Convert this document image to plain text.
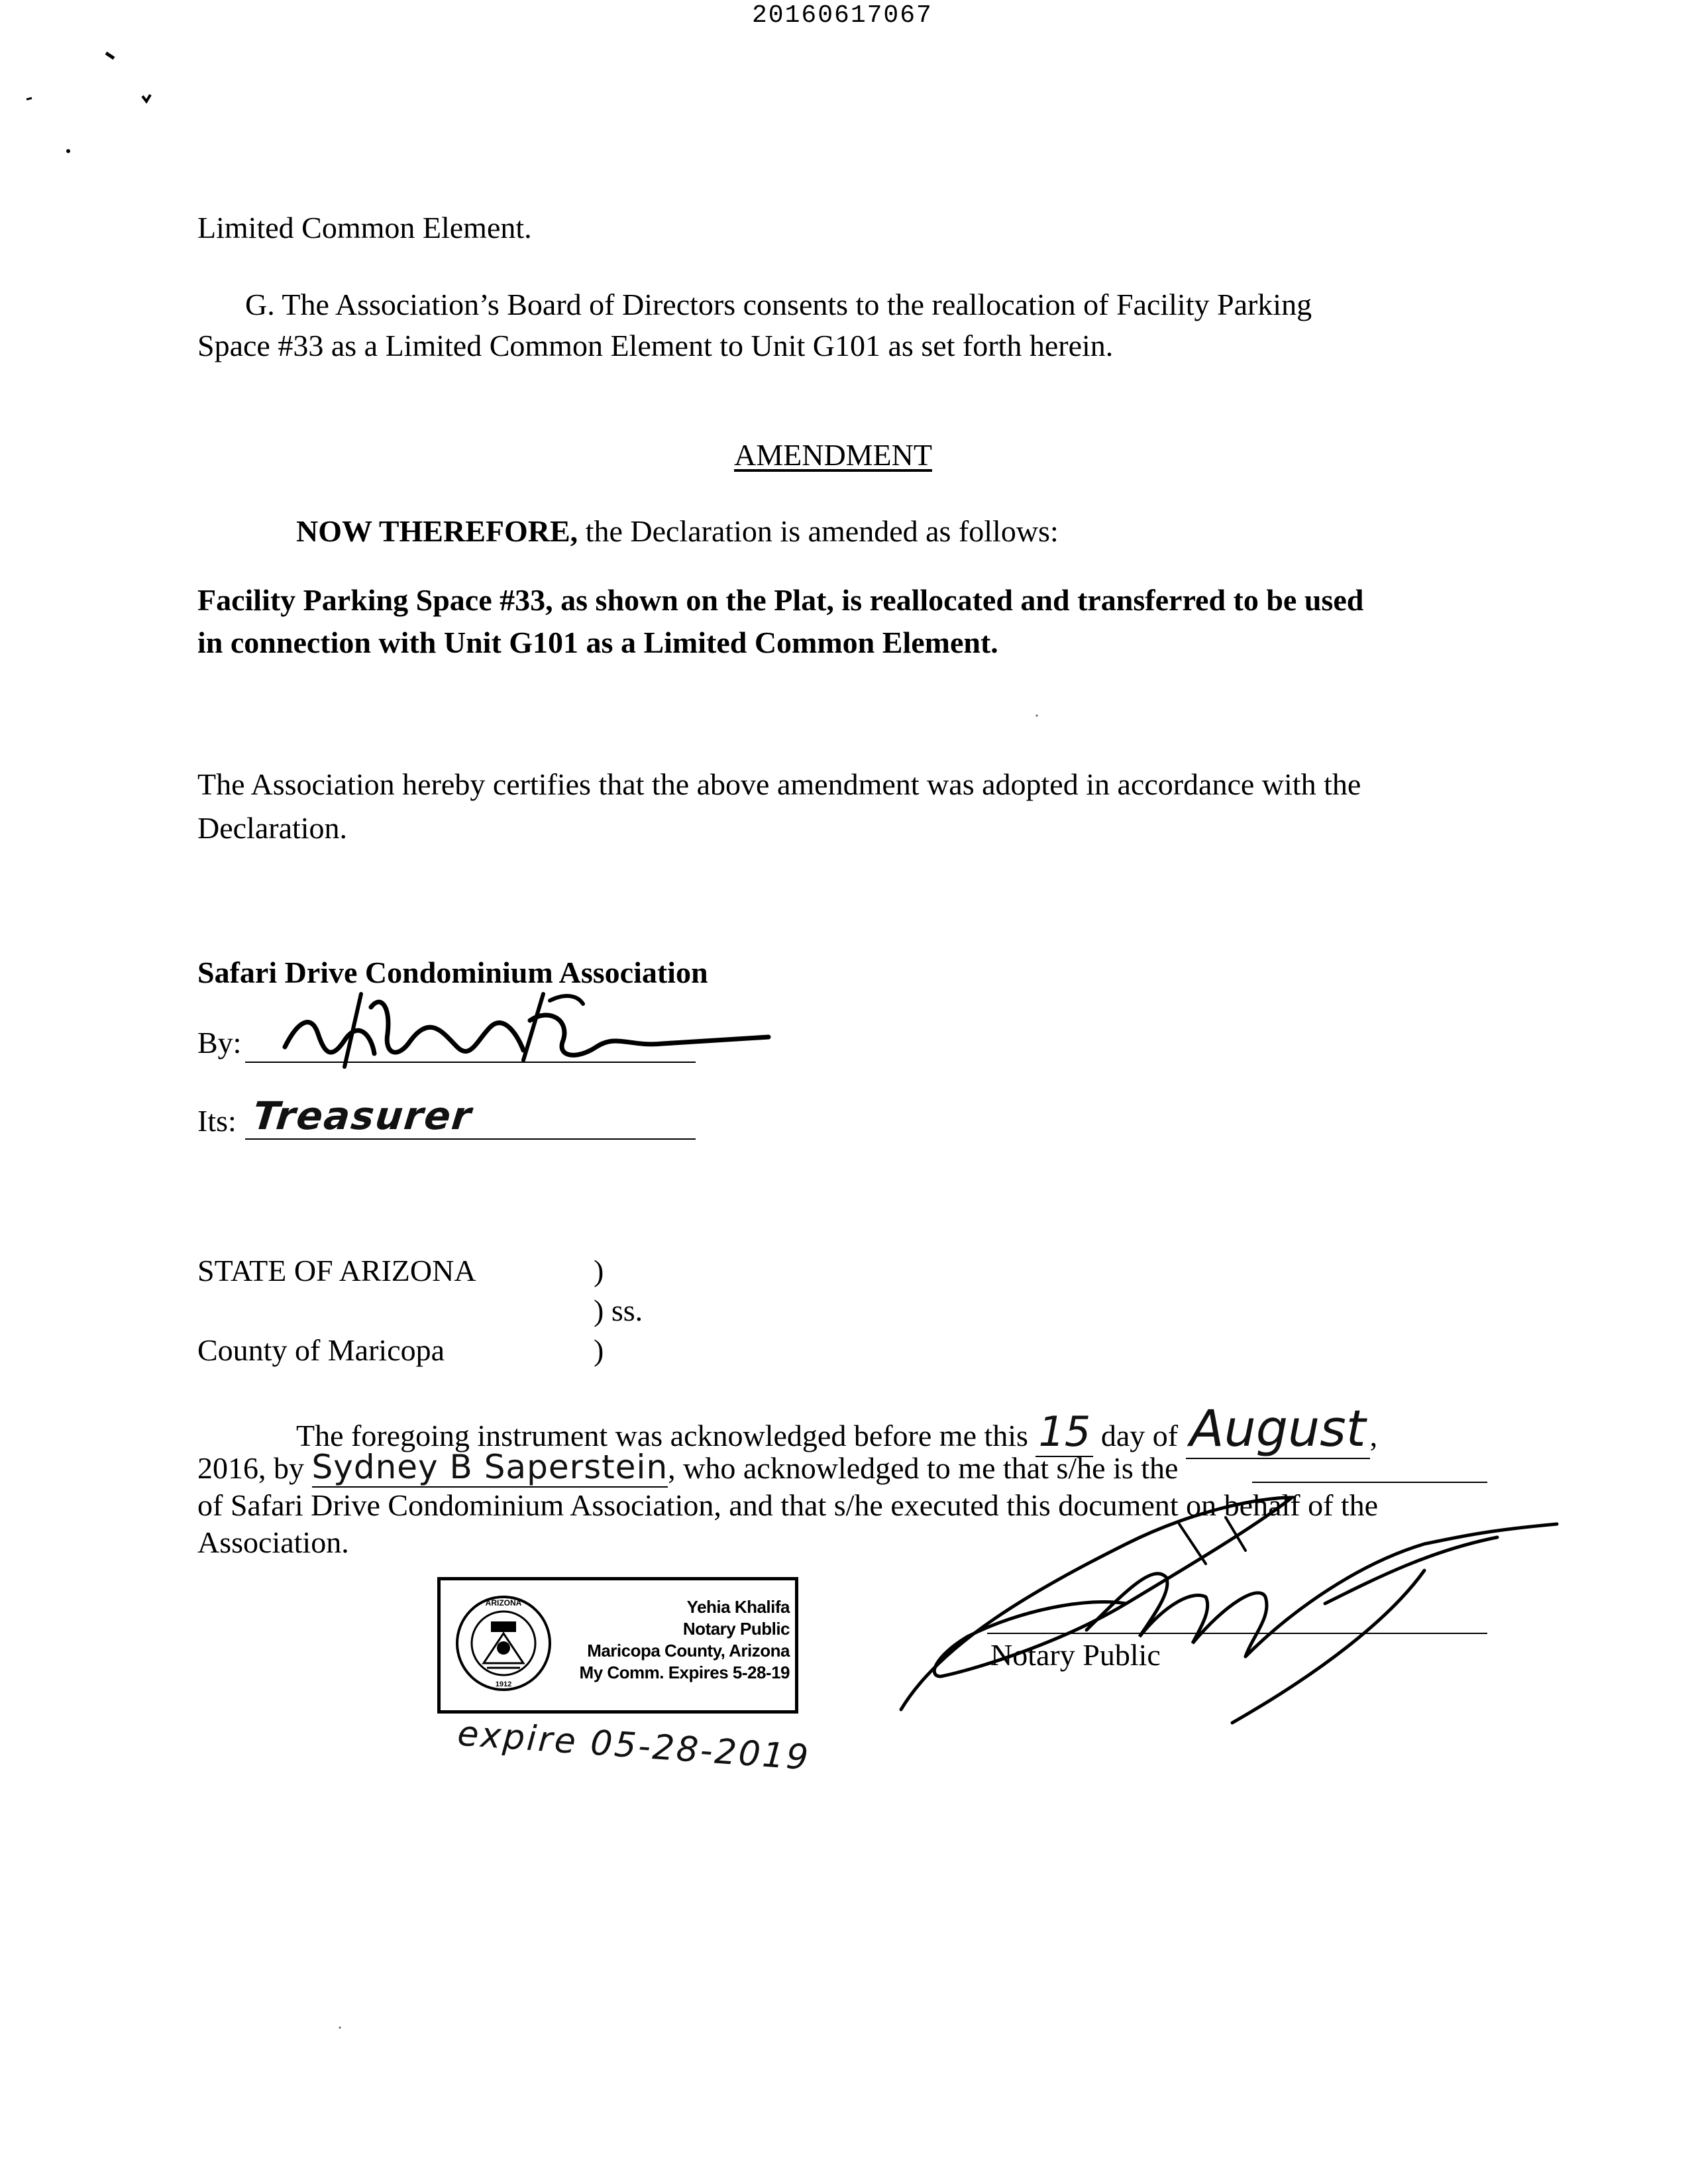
20160617067
Limited Common Element.
G. The Association’s Board of Directors consents to the reallocation of Facility Parking
Space #33 as a Limited Common Element to Unit G101 as set forth herein.
AMENDMENT
NOW THEREFORE, the Declaration is amended as follows:
Facility Parking Space #33, as shown on the Plat, is reallocated and transferred to be used
in connection with Unit G101 as a Limited Common Element.
The Association hereby certifies that the above amendment was adopted in accordance with the
Declaration.
Safari Drive Condominium Association
By:
Its: Treasurer
STATE OF ARIZONA	)
) ss.
County of Maricopa	)
The foregoing instrument was acknowledged before me this 15 day of August ,
2016, by Sydney B Saperstein, who acknowledged to me that s/he is the
of Safari Drive Condominium Association, and that s/he executed this document on behalf of the
Association.
Notary Public
ARIZONA
1912
Yehia Khalifa
Notary Public
Maricopa County, Arizona
My Comm. Expires 5-28-19
expire 05-28-2019
